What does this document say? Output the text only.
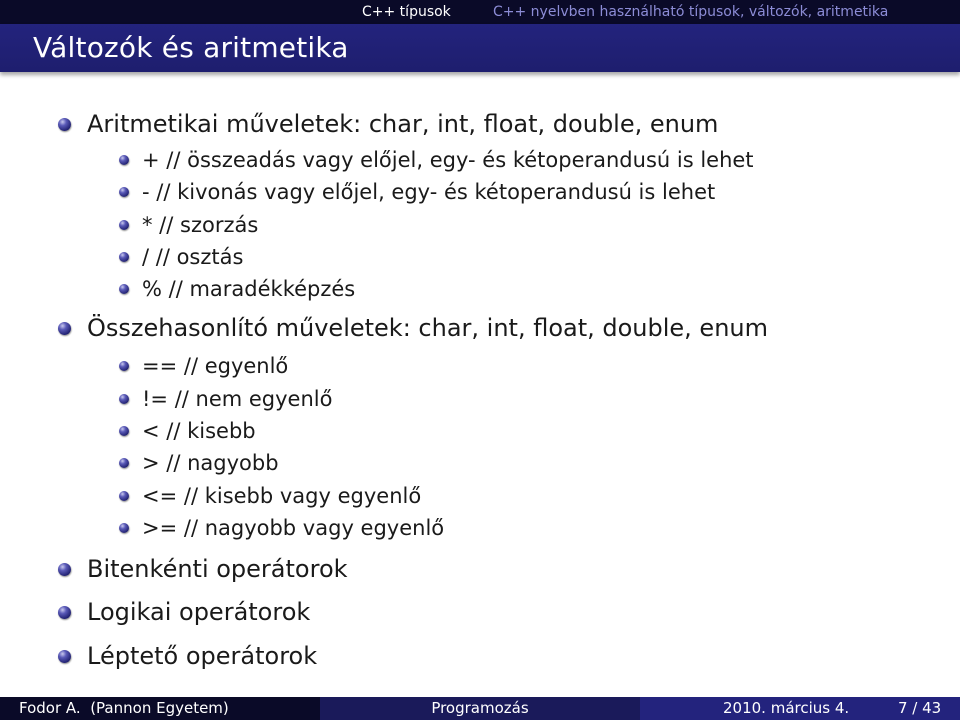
C++ típusok	C++ nyelvben használható típusok, változók, aritmetika
Változók és aritmetika
Aritmetikai műveletek: char, int, float, double, enum
+ // összeadás vagy előjel, egy- és kétoperandusú is lehet
- // kivonás vagy előjel, egy- és kétoperandusú is lehet
* // szorzás
/ // osztás
% // maradékképzés
Összehasonlító műveletek: char, int, float, double, enum
== // egyenlő
!= // nem egyenlő
< // kisebb
> // nagyobb
<= // kisebb vagy egyenlő
>= // nagyobb vagy egyenlő
Bitenkénti operátorok
Logikai operátorok
Léptető operátorok
Fodor A.  (Pannon Egyetem)	Programozás	2010. március 4.	7 / 43
